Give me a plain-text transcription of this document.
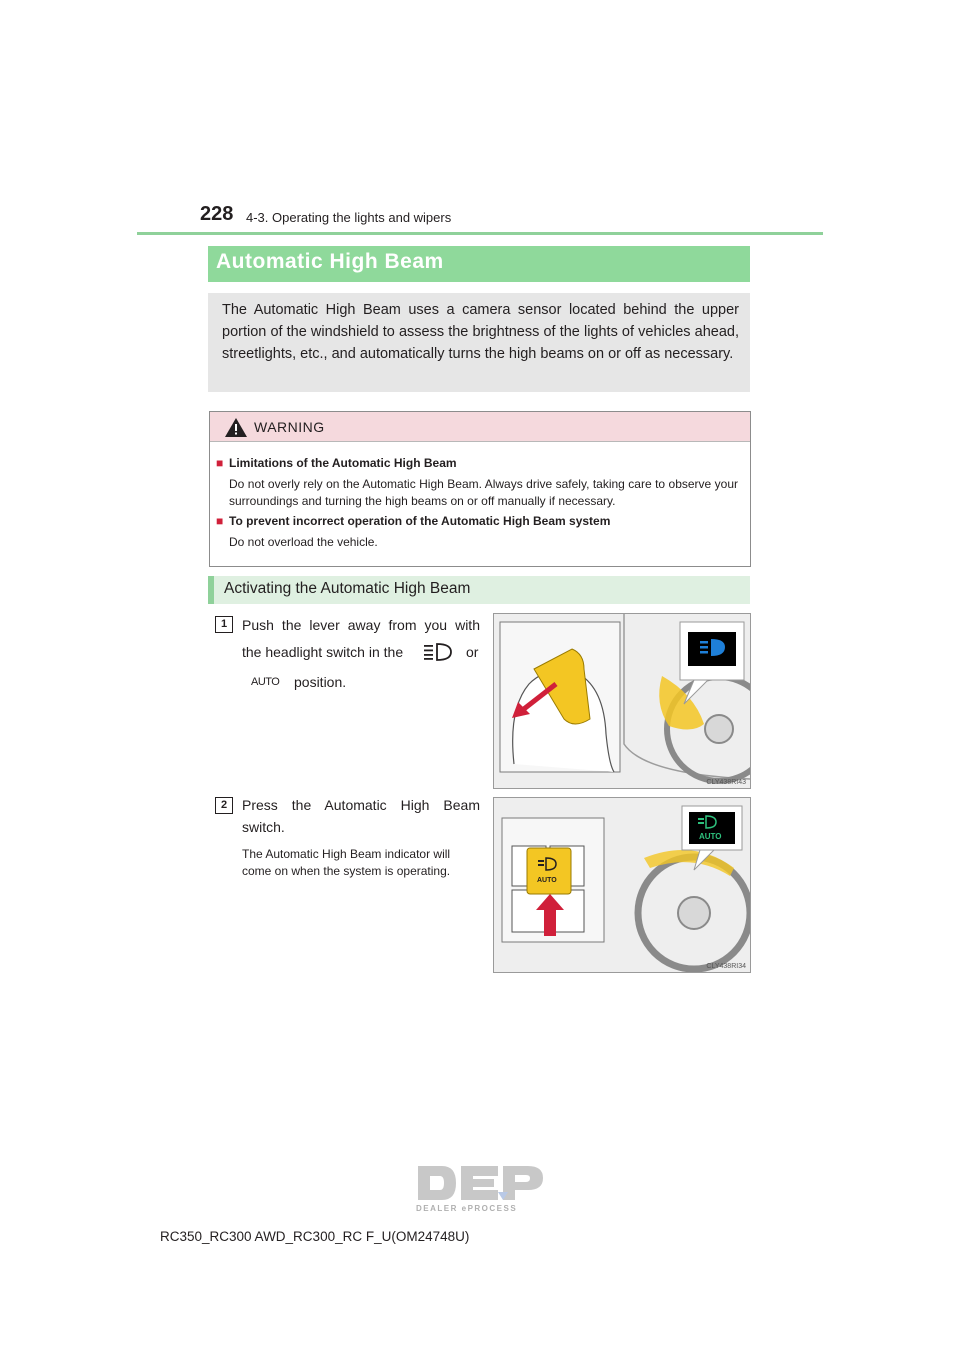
228 4-3. Operating the lights and wipers
Automatic High Beam
The Automatic High Beam uses a camera sensor located behind the upper portion of the windshield to assess the brightness of the lights of vehicles ahead, streetlights, etc., and automatically turns the high beams on or off as necessary.
WARNING
■ Limitations of the Automatic High Beam
Do not overly rely on the Automatic High Beam. Always drive safely, taking care to observe your surroundings and turning the high beams on or off manually if necessary.
■ To prevent incorrect operation of the Automatic High Beam system
Do not overload the vehicle.
Activating the Automatic High Beam
1	Push the lever away from you with
the headlight switch in the	or
AUTO position.
CLY438RI43
2	Press the Automatic High Beam switch.
The Automatic High Beam indicator will come on when the system is operating.
AUTO
AUTO
CLY438RI34
DEALER ePROCESS
RC350_RC300 AWD_RC300_RC F_U(OM24748U)
